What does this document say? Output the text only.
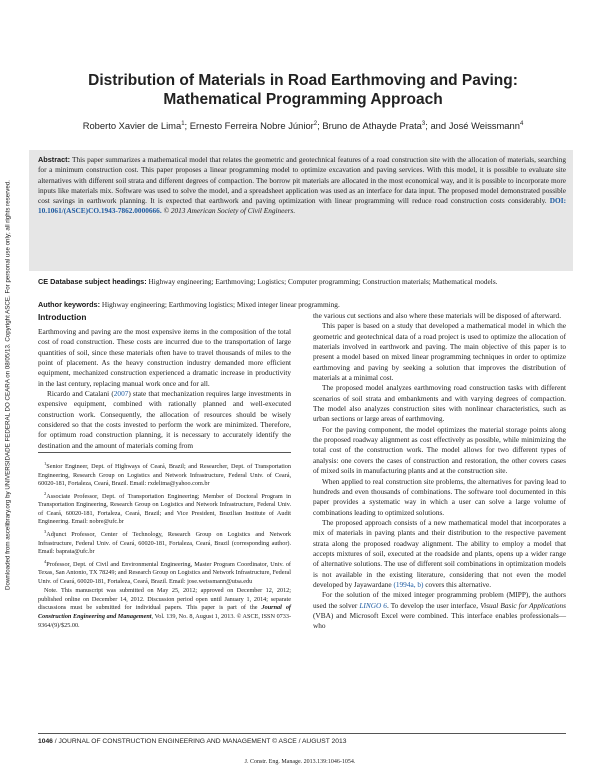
Downloaded from ascelibrary.org by UNIVERSIDADE FEDERAL DO CEARA on 08/05/13. Copyright ASCE. For personal use only; all rights reserved.
Distribution of Materials in Road Earthmoving and Paving:
Mathematical Programming Approach
Roberto Xavier de Lima$^1$; Ernesto Ferreira Nobre Júnior$^2$; Bruno de Athayde Prata$^3$; and José Weissmann$^4$
Abstract: This paper summarizes a mathematical model that relates the geometric and geotechnical features of a road construction site with the allocation of materials, searching for a minimum construction cost. This paper proposes a linear programming model to optimize excavation and paving services. With this model, it is possible to evaluate site alternatives with different soil strata and different degrees of compaction. The borrow pit materials are allocated in the most economical way, and it is possible to incorporate more inputs like materials mix. Software was used to solve the model, and a spreadsheet application was used as an interface for data input. The proposed model demonstrated possible cost savings in earthwork planning. It is expected that earthwork and paving optimization with linear programming will reduce road construction costs considerably. DOI: 10.1061/(ASCE)CO.1943-7862.0000666. © 2013 American Society of Civil Engineers.
CE Database subject headings: Highway engineering; Earthmoving; Logistics; Computer programming; Construction materials; Mathematical models.
Author keywords: Highway engineering; Earthmoving logistics; Mixed integer linear programming.
Introduction

Earthmoving and paving are the most expensive items in the composition of the total cost of road construction. These costs are incurred due to the transportation of large quantities of soil, since these materials often have to travel thousands of miles to the point of placement. As the heavy construction industry demanded more efficient equipment, mechanized construction experienced a dramatic increase in productivity in the last century, replacing manual work once and for all.

Ricardo and Catalani (2007) state that mechanization requires large investments in expensive equipment, combined with rationally planned and well-executed construction work. Consequently, the allocation of resources should be wisely considered so that the costs invested to perform the work are minimized. Therefore, for optimum road construction planning, it is necessary to accurately identify the destination and the amount of materials coming from

$^1$Senior Engineer, Dept. of Highways of Ceará, Brazil; and Researcher, Dept. of Transportation Engineering, Research Group on Logistics and Network Infrastructure, Federal Univ. of Ceará, 60020-181, Fortaleza, Ceará, Brazil. Email: rxdelima@yahoo.com.br

$^2$Associate Professor, Dept. of Transportation Engineering; Member of Doctoral Program in Transportation Engineering, Research Group on Logistics and Network Infrastructure, Federal Univ. of Ceará, 60020-181, Fortaleza, Ceará, Brazil; and Vice President, Brazilian Institute of Audit Engineering. Email: nobre@ufc.br

$^3$Adjunct Professor, Center of Technology, Research Group on Logistics and Network Infrastructure, Federal Univ. of Ceará, 60020-181, Fortaleza, Ceará, Brazil (corresponding author). Email: baprata@ufc.br

$^4$Professor, Dept. of Civil and Environmental Engineering, Master Program Coordinator, Univ. of Texas, San Antonio, TX 78249; and Research Group on Logistics and Network Infrastructure, Federal Univ. of Ceará, 60020-181, Fortaleza, Ceará, Brazil. Email: jose.weissmann@utsa.edu

Note. This manuscript was submitted on May 25, 2012; approved on December 12, 2012; published online on December 14, 2012. Discussion period open until January 1, 2014; separate discussions must be submitted for individual papers. This paper is part of the Journal of Construction Engineering and Management, Vol. 139, No. 8, August 1, 2013. © ASCE, ISSN 0733-9364/(9)/$25.00.

the various cut sections and also where these materials will be disposed of afterward.

This paper is based on a study that developed a mathematical model in which the geometric and geotechnical data of a road project is used to optimize the allocation of materials involved in earthwork and paving. The main objective of this paper is to present a model based on mixed linear programming techniques in order to optimize earthmoving and paving by seeking a solution that improves the distribution of materials at a minimal cost.

The proposed model analyzes earthmoving road construction tasks with different scenarios of soil strata and embankments and with varying degrees of compaction. The model also analyzes construction sites with nonlinear characteristics, such as urban sections or large areas of earthmoving.

For the paving component, the model optimizes the material storage points along the proposed roadway alignment as cost effectively as possible, while minimizing the total cost of the construction work. The model allows for two different types of analysis: one covers the cases of construction and restoration, the other covers cases of mixed soils in manufacturing plants and at the construction site.

When applied to real construction site problems, the alternatives for paving lead to hundreds and even thousands of combinations. The software tool documented in this paper provides a systematic way in which a user can solve a large volume of combinations leading to optimized solutions.

The proposed approach consists of a new mathematical model that incorporates a mix of materials in paving plants and their distribution to the respective pavement strata along the proposed roadway alignment. The ability to employ a model that accepts mixtures of soil, executed at the roadside and plants, opens up a wider range of alternative solutions. The use of different soil combinations in optimization models is not available in the existing literature, considering that not even the model developed by Jayawardane (1994a, b) covers this alternative.

For the solution of the mixed integer programming problem (MIPP), the authors used the solver LINGO 6. To develop the user interface, Visual Basic for Applications (VBA) and Microsoft Excel were combined. This interface enables professionals—who

1046 / JOURNAL OF CONSTRUCTION ENGINEERING AND MANAGEMENT © ASCE / AUGUST 2013
J. Constr. Eng. Manage. 2013.139:1046-1054.
